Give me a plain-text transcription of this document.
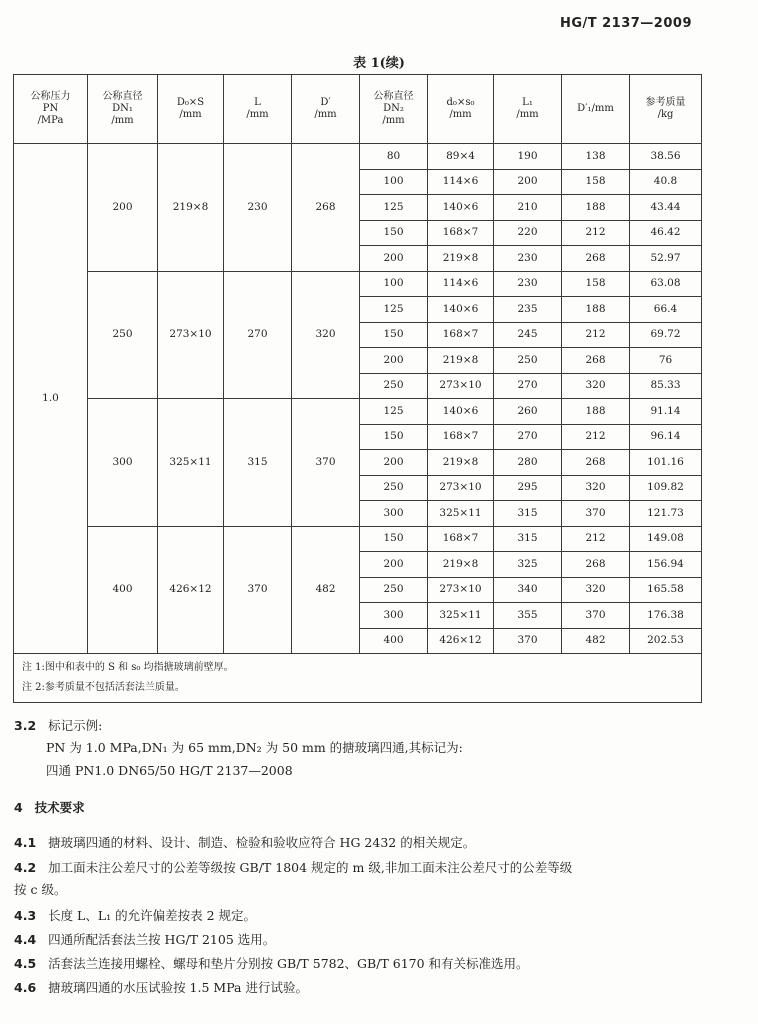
HG/T 2137—2009
表 1(续)
公称压力
PN
/MPa	公称直径
DN₁
/mm	D₀×S
/mm	L
/mm	D′
/mm	公称直径
DN₂
/mm	d₀×s₀
/mm	L₁
/mm	D′₁/mm	参考质量
/kg
1.0	200	219×8	230	268	80	89×4	190	138	38.56
					100	114×6	200	158	40.8
					125	140×6	210	188	43.44
					150	168×7	220	212	46.42
					200	219×8	230	268	52.97
	250	273×10	270	320	100	114×6	230	158	63.08
					125	140×6	235	188	66.4
					150	168×7	245	212	69.72
					200	219×8	250	268	76
					250	273×10	270	320	85.33
	300	325×11	315	370	125	140×6	260	188	91.14
					150	168×7	270	212	96.14
					200	219×8	280	268	101.16
					250	273×10	295	320	109.82
					300	325×11	315	370	121.73
	400	426×12	370	482	150	168×7	315	212	149.08
					200	219×8	325	268	156.94
					250	273×10	340	320	165.58
					300	325×11	355	370	176.38
					400	426×12	370	482	202.53

注 1:图中和表中的 S 和 s₀ 均指搪玻璃前壁厚。
注 2:参考质量不包括活套法兰质量。									
3.2 标记示例:
PN 为 1.0 MPa,DN₁ 为 65 mm,DN₂ 为 50 mm 的搪玻璃四通,其标记为:
四通 PN1.0 DN65/50 HG/T 2137—2008
4 技术要求
4.1 搪玻璃四通的材料、设计、制造、检验和验收应符合 HG 2432 的相关规定。
4.2 加工面未注公差尺寸的公差等级按 GB/T 1804 规定的 m 级,非加工面未注公差尺寸的公差等级
按 c 级。
4.3 长度 L、L₁ 的允许偏差按表 2 规定。
4.4 四通所配活套法兰按 HG/T 2105 选用。
4.5 活套法兰连接用螺栓、螺母和垫片分别按 GB/T 5782、GB/T 6170 和有关标准选用。
4.6 搪玻璃四通的水压试验按 1.5 MPa 进行试验。
